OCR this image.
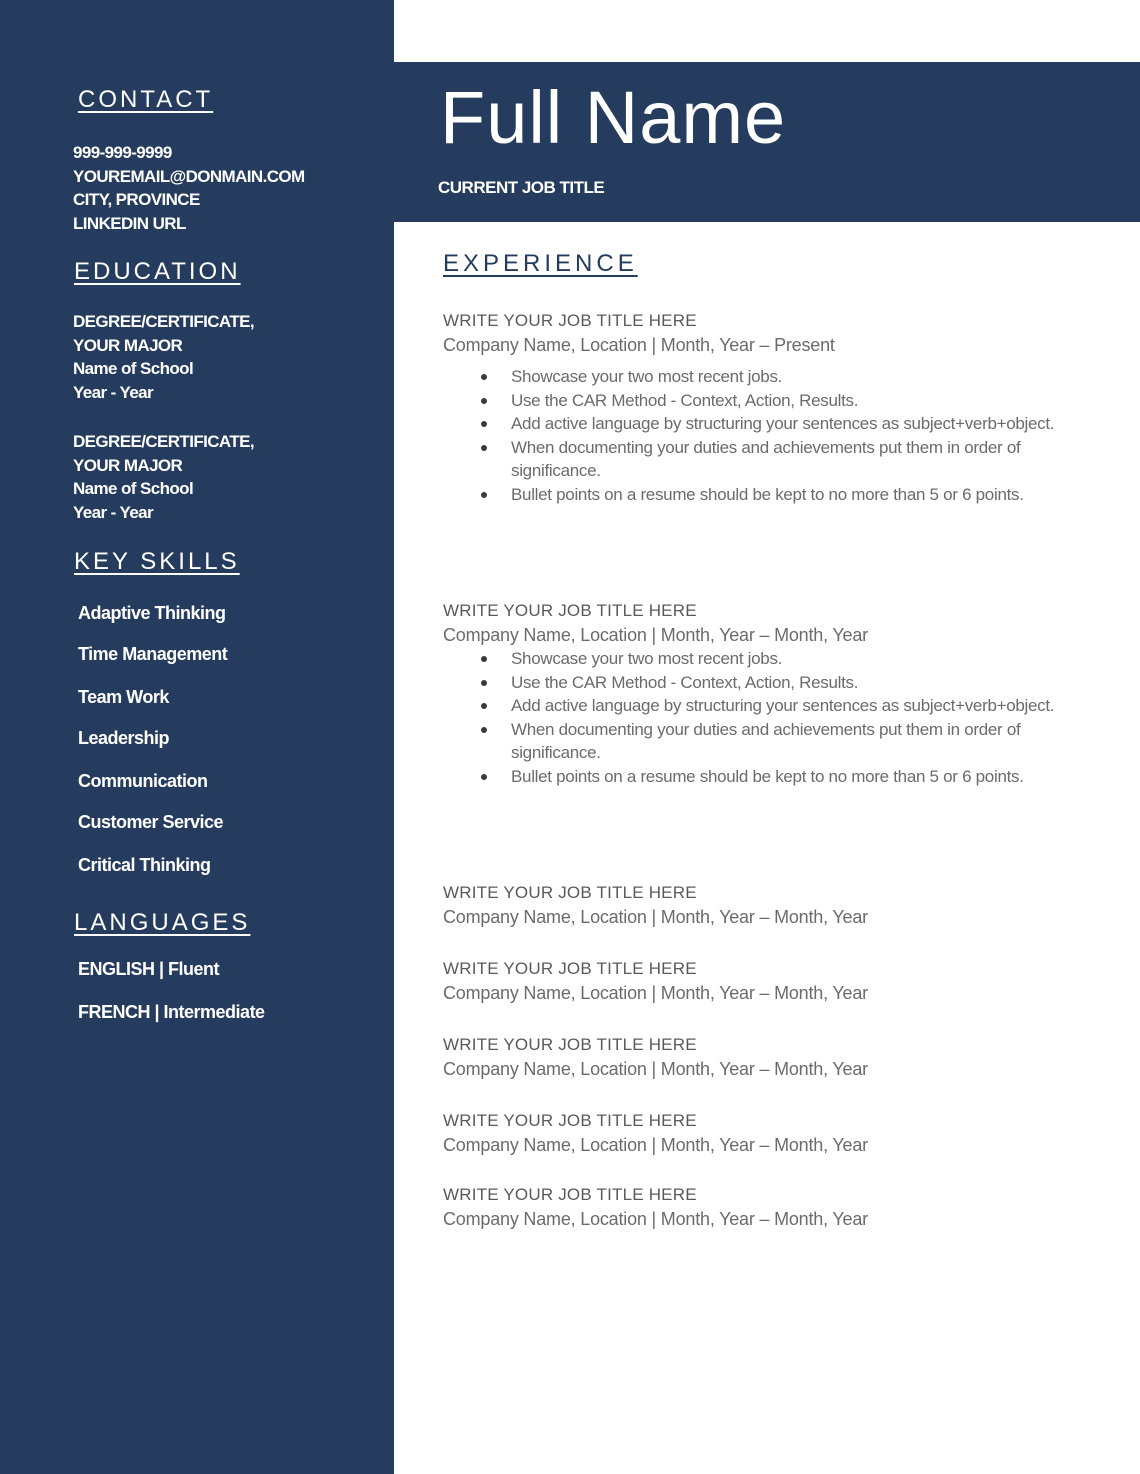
CONTACT
999-999-9999
YOUREMAIL@DONMAIN.COM
CITY, PROVINCE
LINKEDIN URL
EDUCATION
DEGREE/CERTIFICATE,
YOUR MAJOR
Name of School
Year - Year
DEGREE/CERTIFICATE,
YOUR MAJOR
Name of School
Year - Year
KEY SKILLS
Adaptive Thinking
Time Management
Team Work
Leadership
Communication
Customer Service
Critical Thinking
LANGUAGES
ENGLISH | Fluent
FRENCH | Intermediate
Full Name
CURRENT JOB TITLE
EXPERIENCE
WRITE YOUR JOB TITLE HERE
Company Name, Location | Month, Year – Present
Showcase your two most recent jobs.
Use the CAR Method - Context, Action, Results.
Add active language by structuring your sentences as subject+verb+object.
When documenting your duties and achievements put them in order of significance.
Bullet points on a resume should be kept to no more than 5 or 6 points.
WRITE YOUR JOB TITLE HERE
Company Name, Location | Month, Year – Month, Year
Showcase your two most recent jobs.
Use the CAR Method - Context, Action, Results.
Add active language by structuring your sentences as subject+verb+object.
When documenting your duties and achievements put them in order of significance.
Bullet points on a resume should be kept to no more than 5 or 6 points.
WRITE YOUR JOB TITLE HERE
Company Name, Location | Month, Year – Month, Year
WRITE YOUR JOB TITLE HERE
Company Name, Location | Month, Year – Month, Year
WRITE YOUR JOB TITLE HERE
Company Name, Location | Month, Year – Month, Year
WRITE YOUR JOB TITLE HERE
Company Name, Location | Month, Year – Month, Year
WRITE YOUR JOB TITLE HERE
Company Name, Location | Month, Year – Month, Year
